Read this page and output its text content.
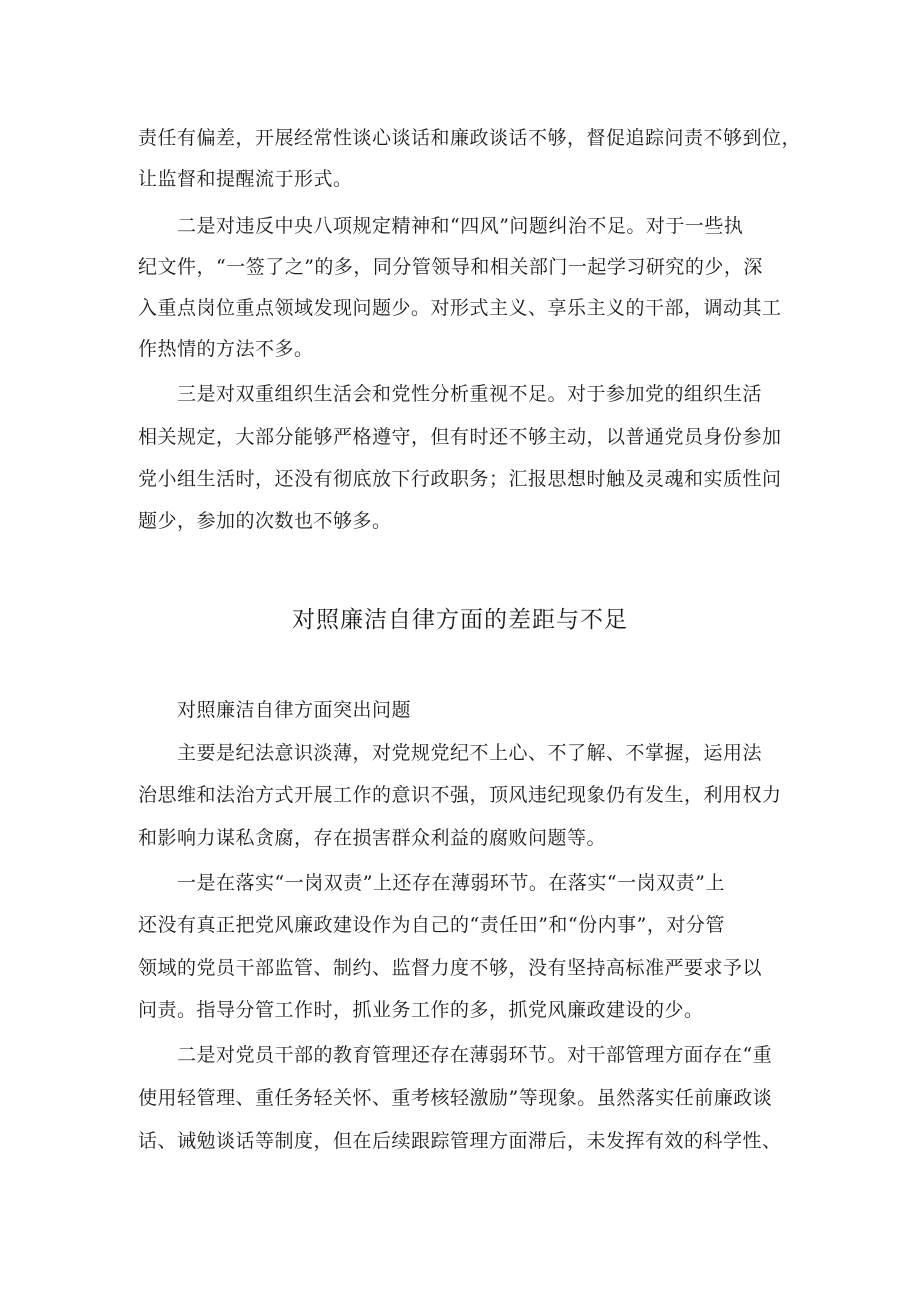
责任有偏差，开展经常性谈心谈话和廉政谈话不够，督促追踪问责不够到位，
让监督和提醒流于形式。
　　二是对违反中央八项规定精神和“四风”问题纠治不足。对于一些执
纪文件，“一签了之”的多，同分管领导和相关部门一起学习研究的少，深
入重点岗位重点领域发现问题少。对形式主义、享乐主义的干部，调动其工
作热情的方法不多。
　　三是对双重组织生活会和党性分析重视不足。对于参加党的组织生活
相关规定，大部分能够严格遵守，但有时还不够主动，以普通党员身份参加
党小组生活时，还没有彻底放下行政职务；汇报思想时触及灵魂和实质性问
题少，参加的次数也不够多。
对照廉洁自律方面的差距与不足
　　对照廉洁自律方面突出问题
　　主要是纪法意识淡薄，对党规党纪不上心、不了解、不掌握，运用法
治思维和法治方式开展工作的意识不强，顶风违纪现象仍有发生，利用权力
和影响力谋私贪腐，存在损害群众利益的腐败问题等。
　　一是在落实“一岗双责”上还存在薄弱环节。在落实“一岗双责”上
还没有真正把党风廉政建设作为自己的“责任田”和“份内事”，对分管
领域的党员干部监管、制约、监督力度不够，没有坚持高标准严要求予以
问责。指导分管工作时，抓业务工作的多，抓党风廉政建设的少。
　　二是对党员干部的教育管理还存在薄弱环节。对干部管理方面存在“重
使用轻管理、重任务轻关怀、重考核轻激励”等现象。虽然落实任前廉政谈
话、诫勉谈话等制度，但在后续跟踪管理方面滞后，未发挥有效的科学性、
